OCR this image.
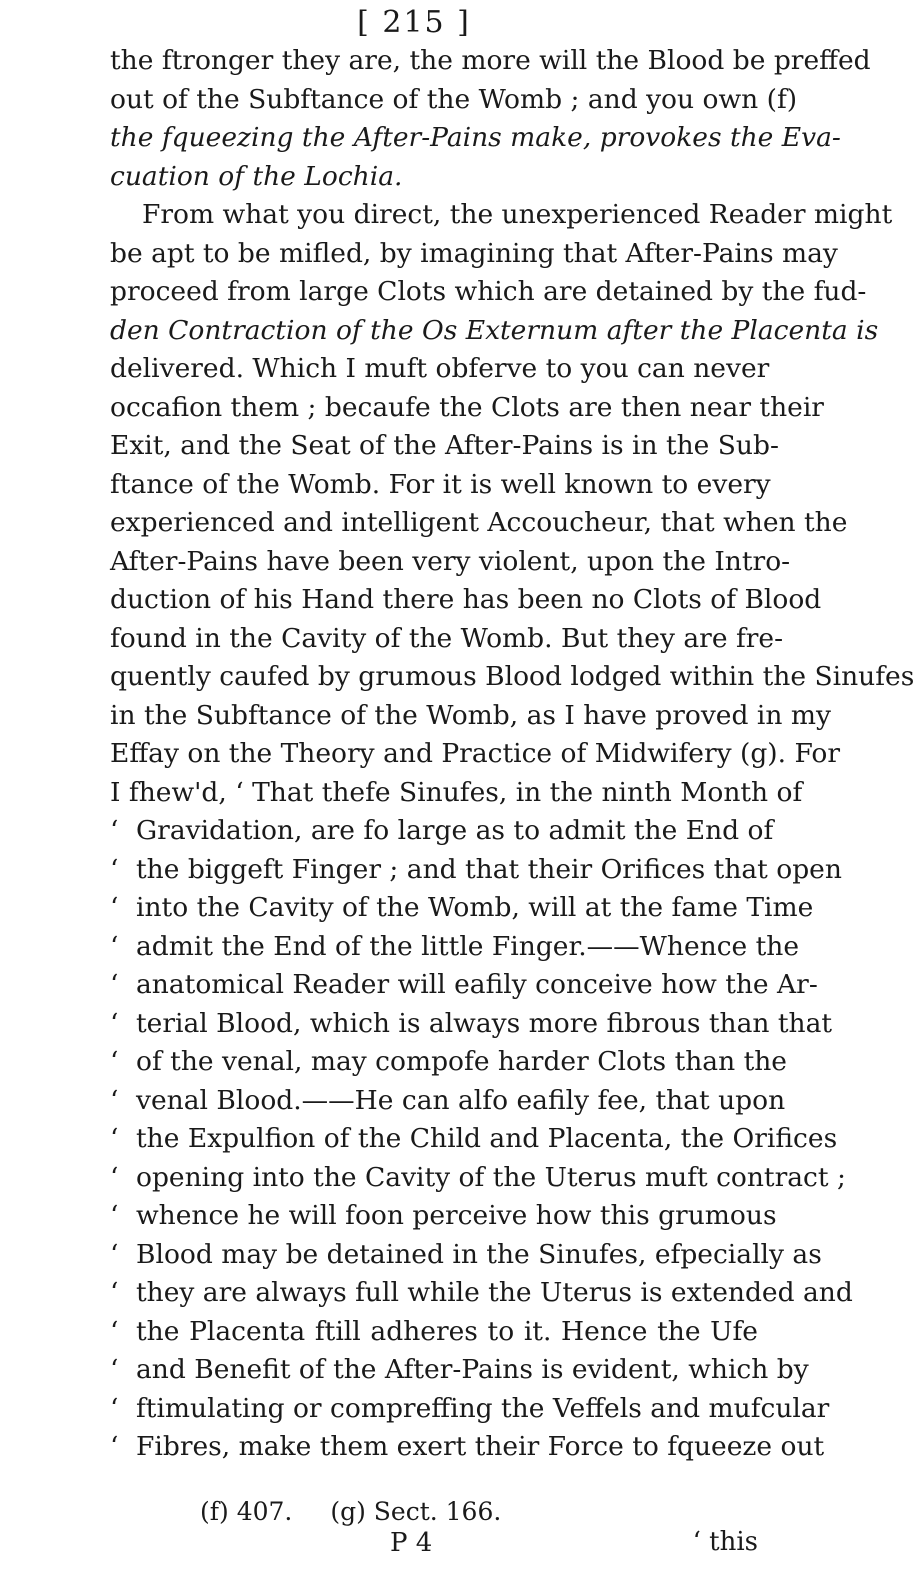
[ 215 ]
the ftronger they are, the more will the Blood be preffed
out of the Subftance of the Womb ; and you own (f)
the fqueezing the After-Pains make, provokes the Eva-
cuation of the Lochia.
From what you direct, the unexperienced Reader might
be apt to be mifled, by imagining that After-Pains may
proceed from large Clots which are detained by the fud-
den Contraction of the Os Externum after the Placenta is
delivered. Which I muft obferve to you can never
occafion them ; becaufe the Clots are then near their
Exit, and the Seat of the After-Pains is in the Sub-
ftance of the Womb. For it is well known to every
experienced and intelligent Accoucheur, that when the
After-Pains have been very violent, upon the Intro-
duction of his Hand there has been no Clots of Blood
found in the Cavity of the Womb. But they are fre-
quently caufed by grumous Blood lodged within the Sinufes
in the Subftance of the Womb, as I have proved in my
Effay on the Theory and Practice of Midwifery (g). For
I fhew'd, ‘ That thefe Sinufes, in the ninth Month of
‘ Gravidation, are fo large as to admit the End of
‘ the biggeft Finger ; and that their Orifices that open
‘ into the Cavity of the Womb, will at the fame Time
‘ admit the End of the little Finger.——Whence the
‘ anatomical Reader will eafily conceive how the Ar-
‘ terial Blood, which is always more fibrous than that
‘ of the venal, may compofe harder Clots than the
‘ venal Blood.——He can alfo eafily fee, that upon
‘ the Expulfion of the Child and Placenta, the Orifices
‘ opening into the Cavity of the Uterus muft contract ;
‘ whence he will foon perceive how this grumous
‘ Blood may be detained in the Sinufes, efpecially as
‘ they are always full while the Uterus is extended and
‘ the Placenta ftill adheres to it. Hence the Ufe
‘ and Benefit of the After-Pains is evident, which by
‘ ftimulating or compreffing the Veffels and mufcular
‘ Fibres, make them exert their Force to fqueeze out
(f) 407. (g) Sect. 166.
P 4	‘ this
